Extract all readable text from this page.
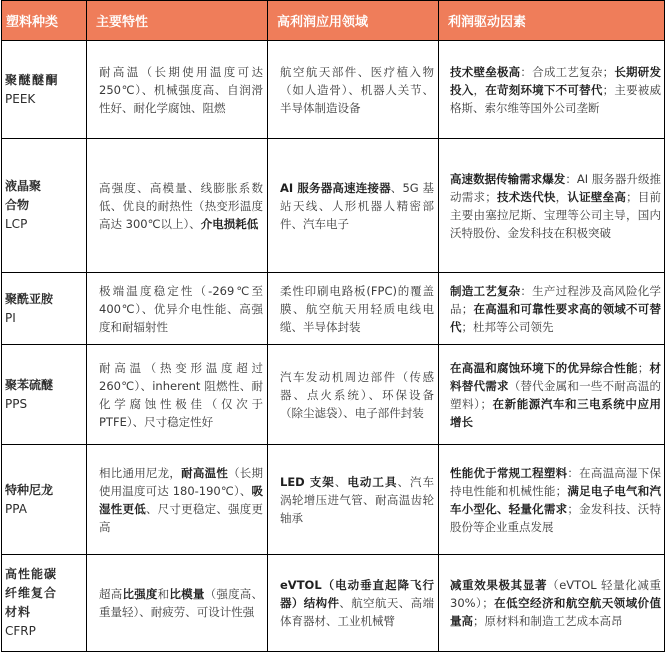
塑料种类	主要特性	高利润应用领域	利润驱动因素

聚醚醚酮
PEEK	耐高温（长期使用温度可达 250℃）、机械强度高、自润滑性好、耐化学腐蚀、阻燃	航空航天部件、医疗植入物（如人造骨）、机器人关节、半导体制造设备	技术壁垒极高：合成工艺复杂；长期研发投入，在苛刻环境下不可替代；主要被威格斯、索尔维等国外公司垄断

液晶聚合物
LCP	高强度、高模量、线膨胀系数低、优良的耐热性（热变形温度高达 300℃以上）、介电损耗低	AI 服务器高速连接器、5G 基站天线、人形机器人精密部件、汽车电子	高速数据传输需求爆发：AI 服务器升级推动需求；技术迭代快，认证壁垒高；目前主要由塞拉尼斯、宝理等公司主导，国内沃特股份、金发科技在积极突破

聚酰亚胺
PI	极端温度稳定性（-269℃至 400℃）、优异介电性能、高强度和耐辐射性	柔性印刷电路板(FPC)的覆盖膜、航空航天用轻质电线电缆、半导体封装	制造工艺复杂：生产过程涉及高风险化学品；在高温和可靠性要求高的领域不可替代；杜邦等公司领先

聚苯硫醚
PPS	耐高温（热变形温度超过 260℃）、inherent 阻燃性、耐化学腐蚀性极佳（仅次于 PTFE）、尺寸稳定性好	汽车发动机周边部件（传感器、点火系统）、环保设备（除尘滤袋）、电子部件封装	在高温和腐蚀环境下的优异综合性能；材料替代需求（替代金属和一些不耐高温的塑料）；在新能源汽车和三电系统中应用增长

特种尼龙
PPA	相比通用尼龙，耐高温性（长期使用温度可达 180-190℃）、吸湿性更低、尺寸更稳定、强度更高	LED 支架、电动工具、汽车涡轮增压进气管、耐高温齿轮轴承	性能优于常规工程塑料：在高温高湿下保持电性能和机械性能；满足电子电气和汽车小型化、轻量化需求；金发科技、沃特股份等企业重点发展

高性能碳纤维复合材料
CFRP	超高比强度和比模量（强度高、重量轻）、耐疲劳、可设计性强	eVTOL（电动垂直起降飞行器）结构件、航空航天、高端体育器材、工业机械臂	减重效果极其显著（eVTOL 轻量化减重 30%）；在低空经济和航空航天领域价值量高；原材料和制造工艺成本高昂
